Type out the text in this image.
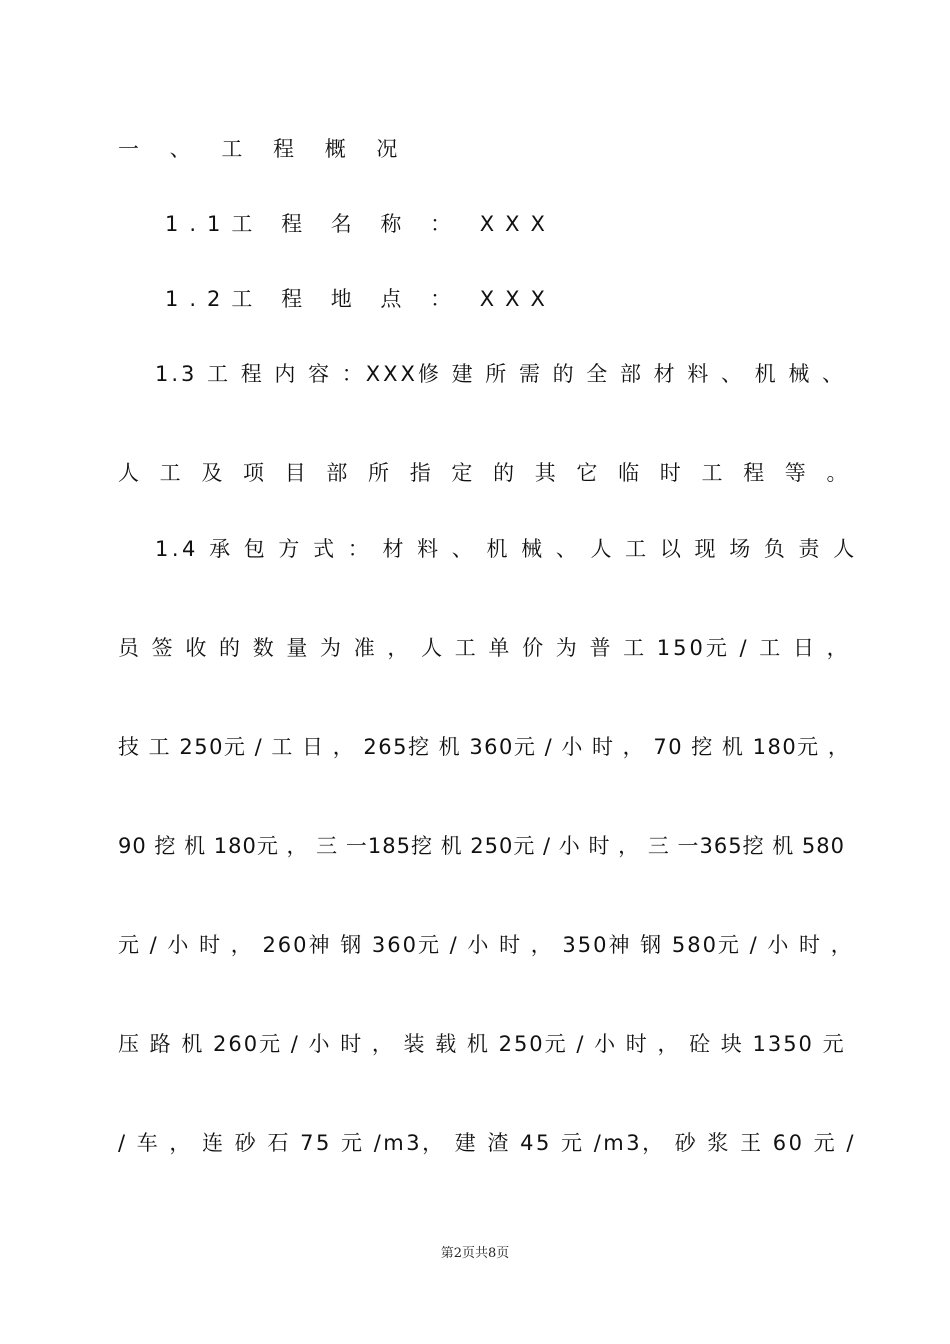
一 、 工 程 概 况
1.1工 程 名 称 ： XXX
1.2工 程 地 点 ： XXX
1.3 工 程 内 容 ：XXX修 建 所 需 的 全 部 材 料 、 机 械 、
人 工 及 项 目 部 所 指 定 的 其 它 临 时 工 程 等 。
1.4 承 包 方 式 ： 材 料 、 机 械 、 人 工 以 现 场 负 责 人
员 签 收 的 数 量 为 准 ， 人 工 单 价 为 普 工 150元 / 工 日 ，
技 工 250元 / 工 日 ， 265挖 机 360元 / 小 时 ， 70 挖 机 180元 ，
90 挖 机 180元 ， 三 一185挖 机 250元 / 小 时 ， 三 一365挖 机 580
元 / 小 时 ， 260神 钢 360元 / 小 时 ， 350神 钢 580元 / 小 时 ，
压 路 机 260元 / 小 时 ， 装 载 机 250元 / 小 时 ， 砼 块 1350 元
/ 车 ， 连 砂 石 75 元 /m3， 建 渣 45 元 /m3， 砂 浆 王 60 元 /
第2页共8页
